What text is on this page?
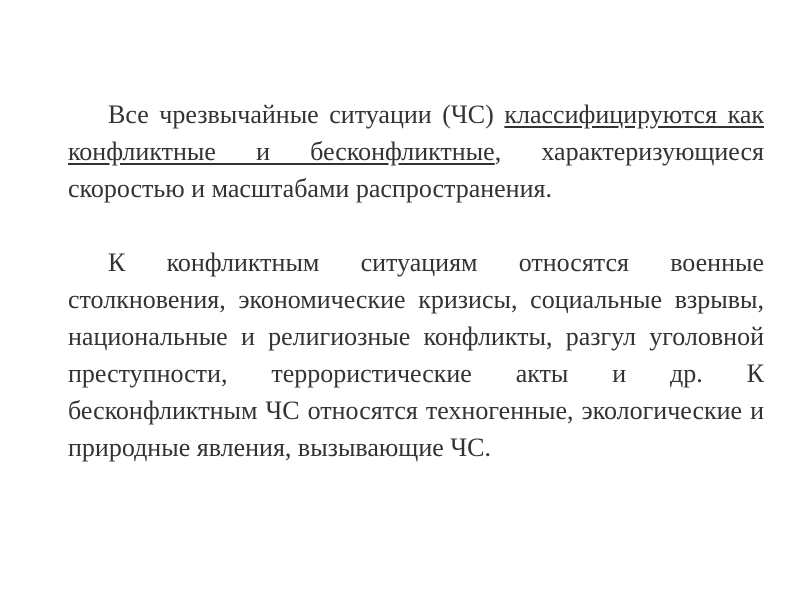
Все чрезвычайные ситуации (ЧС) классифицируются как конфликтные и бесконфликтные, характеризующиеся скоростью и масштабами распространения.

К конфликтным ситуациям относятся военные столкновения, экономические кризисы, социальные взрывы, национальные и религиозные конфликты, разгул уголовной преступности, террористические акты и др. К бесконфликтным ЧС относятся техногенные, экологические и природные явления, вызывающие ЧС.
